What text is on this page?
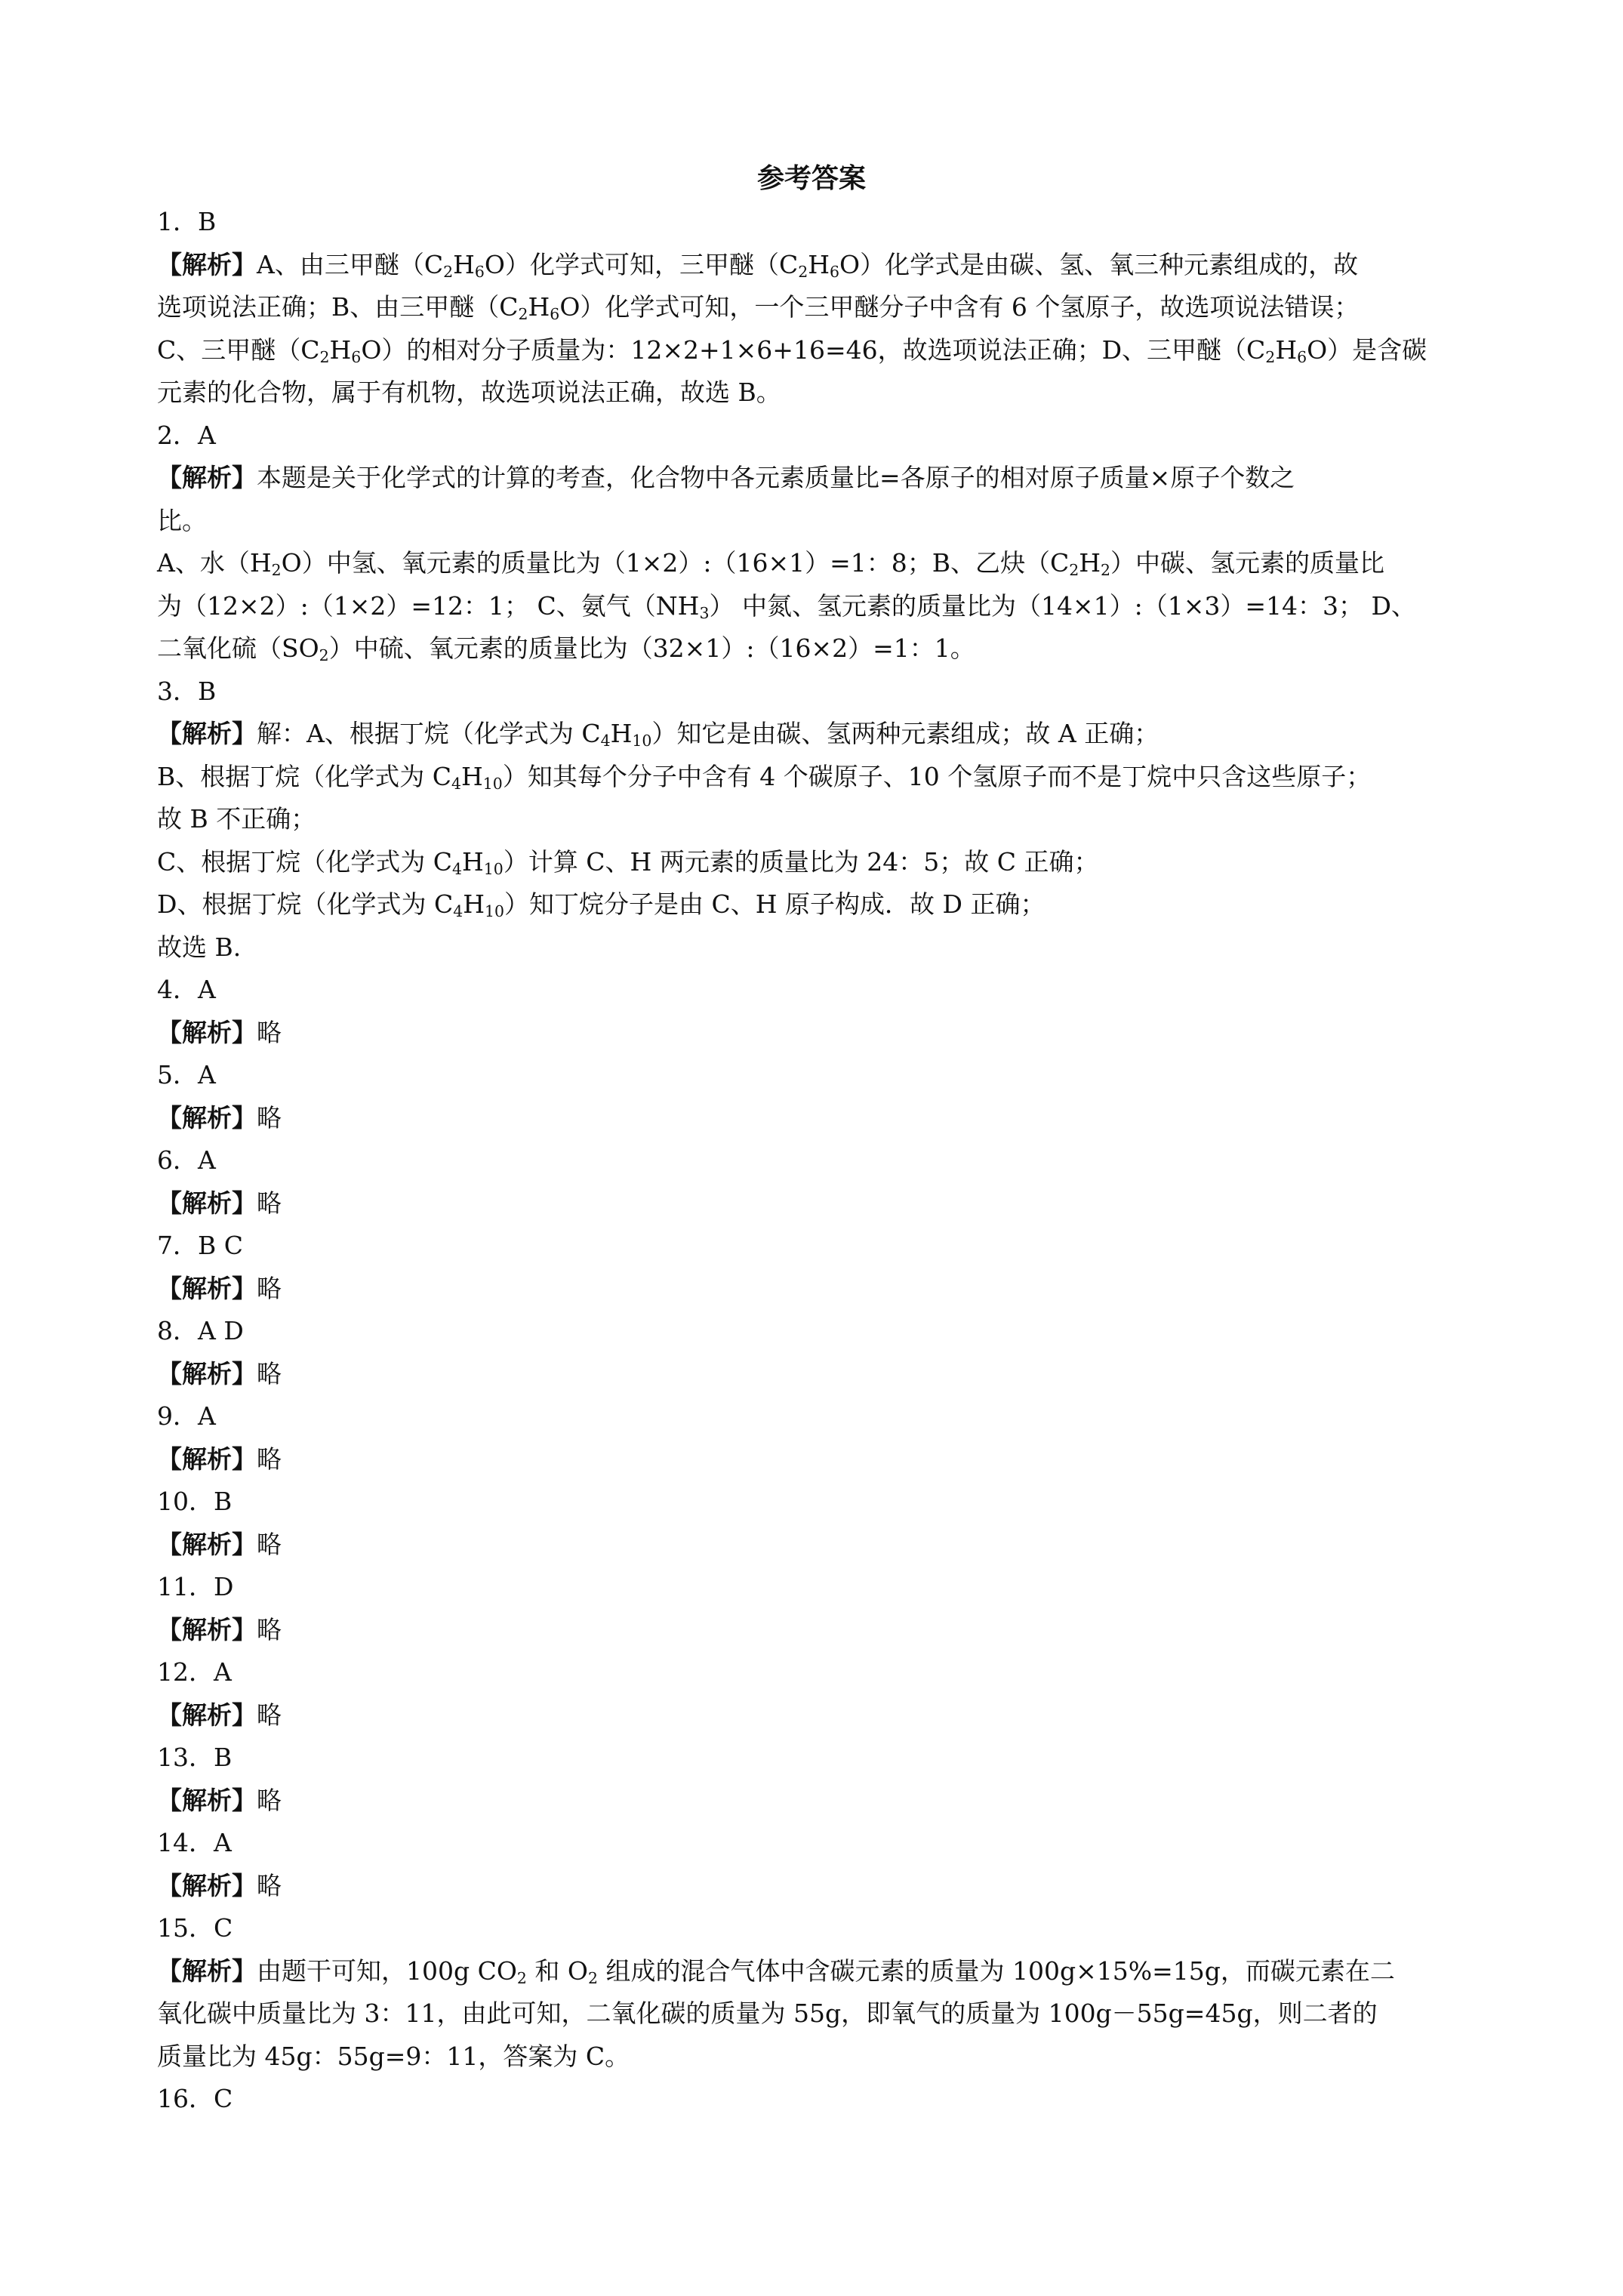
参考答案
1．B
【解析】A、由三甲醚$(C_2H_6O)$化学式可知，三甲醚$(C_2H_6O)$化学式是由碳、氢、氧三种元素组成的，故
选项说法正确；B、由三甲醚$(C_2H_6O)$化学式可知，一个三甲醚分子中含有 6 个氢原子，故选项说法错误；
C、三甲醚$(C_2H_6O)$的相对分子质量为：12×2+1×6+16=46，故选项说法正确；D、三甲醚$(C_2H_6O)$是含碳
元素的化合物，属于有机物，故选项说法正确，故选 B。
2．A
【解析】本题是关于化学式的计算的考查，化合物中各元素质量比=各原子的相对原子质量×原子个数之
比。
A、水$(H_2O)$中氢、氧元素的质量比为（1×2）:（16×1）=1：8；B、乙炔$(C_2H_2)$中碳、氢元素的质量比
为（12×2）:（1×2）=12：1； C、氨气$(NH_3)$ 中氮、氢元素的质量比为（14×1）:（1×3）=14：3； D、
二氧化硫$(SO_2)$中硫、氧元素的质量比为（32×1）:（16×2）=1：1。
3．B
【解析】解：A、根据丁烷（化学式为 $C_4H_{10}$）知它是由碳、氢两种元素组成；故 A 正确；
B、根据丁烷（化学式为 $C_4H_{10}$）知其每个分子中含有 4 个碳原子、10 个氢原子而不是丁烷中只含这些原子；
故 B 不正确；
C、根据丁烷（化学式为 $C_4H_{10}$）计算 C、H 两元素的质量比为 24：5；故 C 正确；
D、根据丁烷（化学式为 $C_4H_{10}$）知丁烷分子是由 C、H 原子构成．故 D 正确；
故选 B.
4．A
【解析】略
5．A
【解析】略
6．A
【解析】略
7．B C
【解析】略
8．A D
【解析】略
9．A
【解析】略
10．B
【解析】略
11．D
【解析】略
12．A
【解析】略
13．B
【解析】略
14．A
【解析】略
15．C
【解析】由题干可知，100g $CO_2$ 和 $O_2$ 组成的混合气体中含碳元素的质量为 100g×15%=15g，而碳元素在二
氧化碳中质量比为 3：11，由此可知，二氧化碳的质量为 55g，即氧气的质量为 100g－55g=45g，则二者的
质量比为 45g：55g=9：11，答案为 C。
16．C
